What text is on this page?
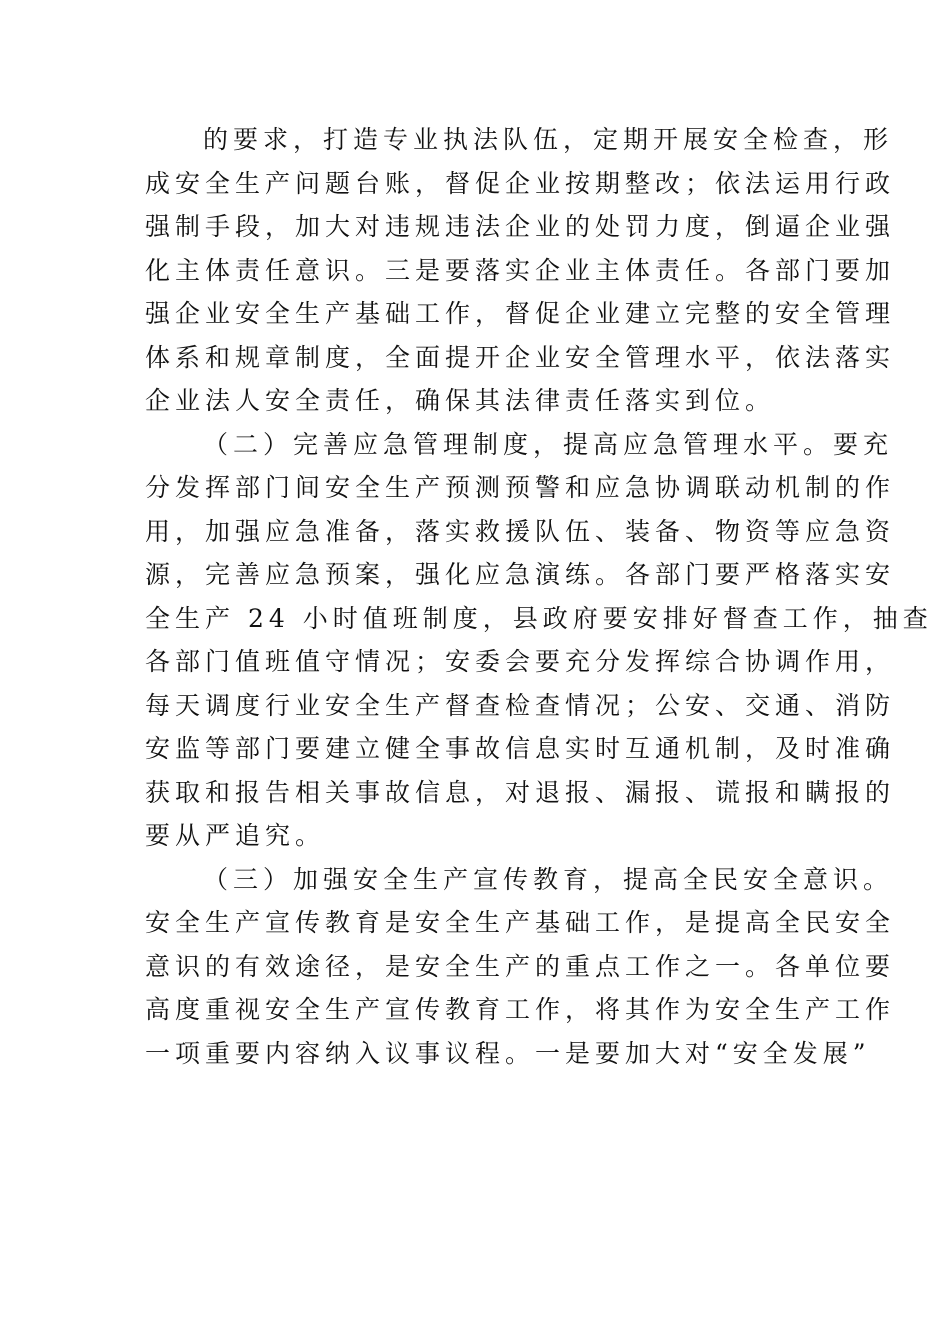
的要求，打造专业执法队伍，定期开展安全检查，形
成安全生产问题台账，督促企业按期整改；依法运用行政
强制手段，加大对违规违法企业的处罚力度，倒逼企业强
化主体责任意识。三是要落实企业主体责任。各部门要加
强企业安全生产基础工作，督促企业建立完整的安全管理
体系和规章制度，全面提开企业安全管理水平，依法落实
企业法人安全责任，确保其法律责任落实到位。
（二）完善应急管理制度，提高应急管理水平。要充
分发挥部门间安全生产预测预警和应急协调联动机制的作
用，加强应急准备，落实救援队伍、装备、物资等应急资
源，完善应急预案，强化应急演练。各部门要严格落实安
全生产 24 小时值班制度，县政府要安排好督查工作，抽查
各部门值班值守情况；安委会要充分发挥综合协调作用，
每天调度行业安全生产督查检查情况；公安、交通、消防
安监等部门要建立健全事故信息实时互通机制，及时准确
获取和报告相关事故信息，对退报、漏报、谎报和瞒报的
要从严追究。
（三）加强安全生产宣传教育，提高全民安全意识。
安全生产宣传教育是安全生产基础工作，是提高全民安全
意识的有效途径，是安全生产的重点工作之一。各单位要
高度重视安全生产宣传教育工作，将其作为安全生产工作
一项重要内容纳入议事议程。一是要加大对“安全发展”
